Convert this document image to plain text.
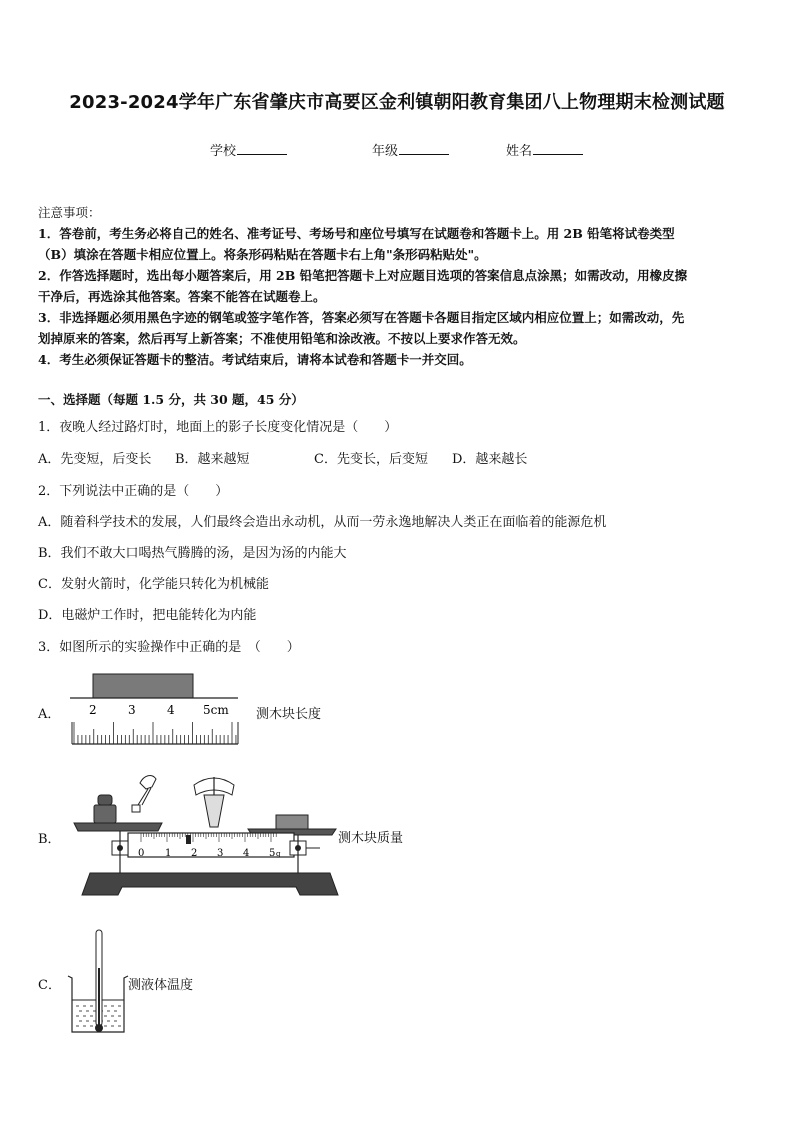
2023-2024学年广东省肇庆市高要区金利镇朝阳教育集团八上物理期末检测试题
学校	年级	姓名
注意事项：
1．答卷前，考生务必将自己的姓名、准考证号、考场号和座位号填写在试题卷和答题卡上。用 2B 铅笔将试卷类型
（B）填涂在答题卡相应位置上。将条形码粘贴在答题卡右上角"条形码粘贴处"。
2．作答选择题时，选出每小题答案后，用 2B 铅笔把答题卡上对应题目选项的答案信息点涂黑；如需改动，用橡皮擦
干净后，再选涂其他答案。答案不能答在试题卷上。
3．非选择题必须用黑色字迹的钢笔或签字笔作答，答案必须写在答题卡各题目指定区域内相应位置上；如需改动，先
划掉原来的答案，然后再写上新答案；不准使用铅笔和涂改液。不按以上要求作答无效。
4．考生必须保证答题卡的整洁。考试结束后，请将本试卷和答题卡一并交回。
一、选择题（每题 1.5 分，共 30 题，45 分）
1．夜晚人经过路灯时，地面上的影子长度变化情况是（　　）
A．先变短，后变长 B．越来越短	C．先变长，后变短 D．越来越长
2．下列说法中正确的是（　　）
A．随着科学技术的发展，人们最终会造出永动机，从而一劳永逸地解决人类正在面临着的能源危机
B．我们不敢大口喝热气腾腾的汤，是因为汤的内能大
C．发射火箭时，化学能只转化为机械能
D．电磁炉工作时，把电能转化为内能
3．如图所示的实验操作中正确的是　（　　）
A． 2	3	4 5cm 测木块长度
B．
0 1 2 3 4 5 g
测木块质量
C．	测液体温度
